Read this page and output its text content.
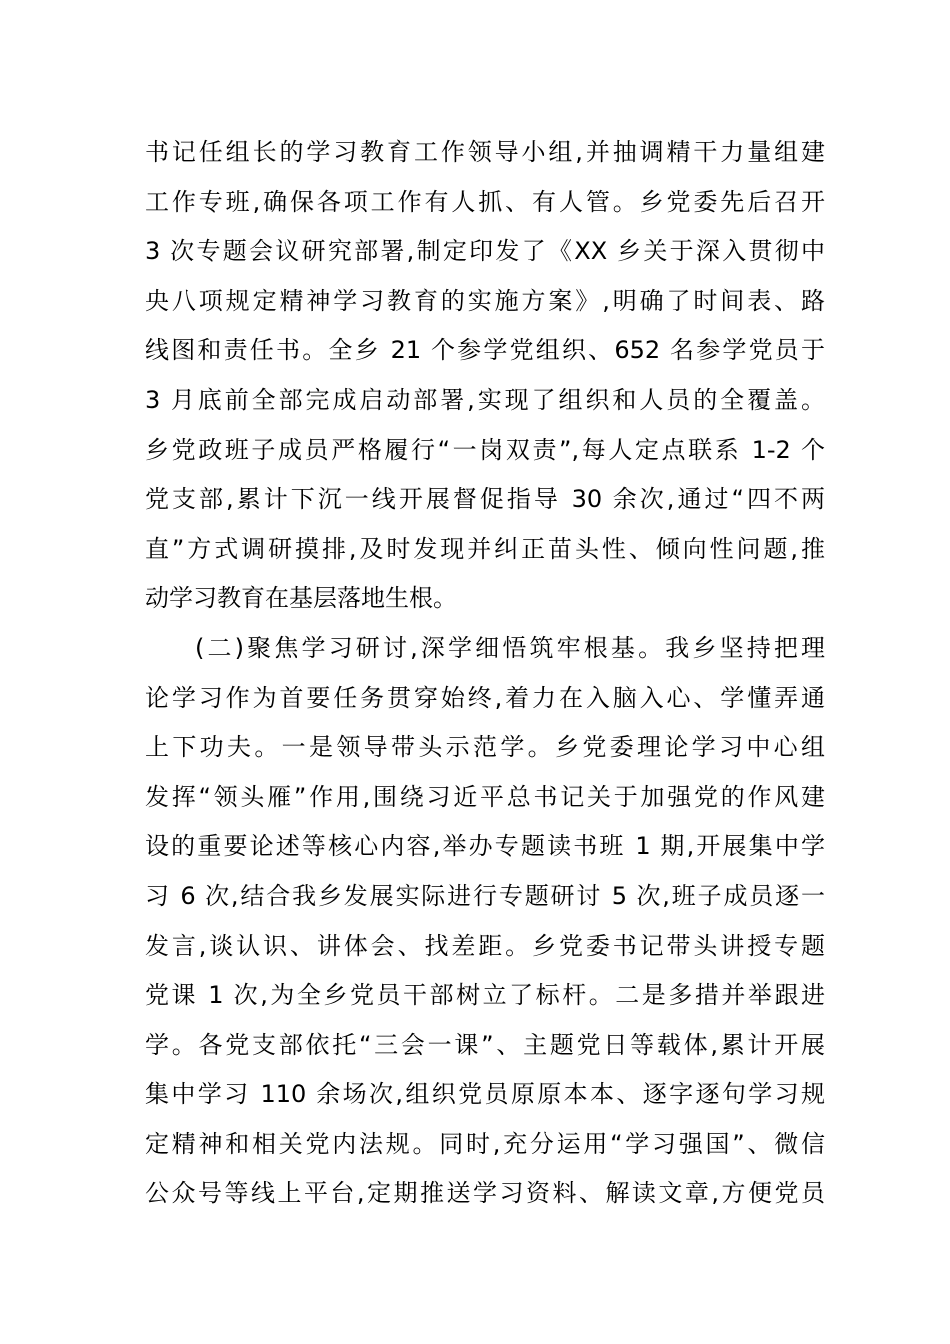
书记任组长的学习教育工作领导小组,并抽调精干力量组建
工作专班,确保各项工作有人抓、有人管。乡党委先后召开
3 次专题会议研究部署,制定印发了《XX 乡关于深入贯彻中
央八项规定精神学习教育的实施方案》,明确了时间表、路
线图和责任书。全乡 21 个参学党组织、652 名参学党员于
3 月底前全部完成启动部署,实现了组织和人员的全覆盖。
乡党政班子成员严格履行“一岗双责”,每人定点联系 1-2 个
党支部,累计下沉一线开展督促指导 30 余次,通过“四不两
直”方式调研摸排,及时发现并纠正苗头性、倾向性问题,推
动学习教育在基层落地生根。
(二)聚焦学习研讨,深学细悟筑牢根基。我乡坚持把理
论学习作为首要任务贯穿始终,着力在入脑入心、学懂弄通
上下功夫。一是领导带头示范学。乡党委理论学习中心组
发挥“领头雁”作用,围绕习近平总书记关于加强党的作风建
设的重要论述等核心内容,举办专题读书班 1 期,开展集中学
习 6 次,结合我乡发展实际进行专题研讨 5 次,班子成员逐一
发言,谈认识、讲体会、找差距。乡党委书记带头讲授专题
党课 1 次,为全乡党员干部树立了标杆。二是多措并举跟进
学。各党支部依托“三会一课”、主题党日等载体,累计开展
集中学习 110 余场次,组织党员原原本本、逐字逐句学习规
定精神和相关党内法规。同时,充分运用“学习强国”、微信
公众号等线上平台,定期推送学习资料、解读文章,方便党员
